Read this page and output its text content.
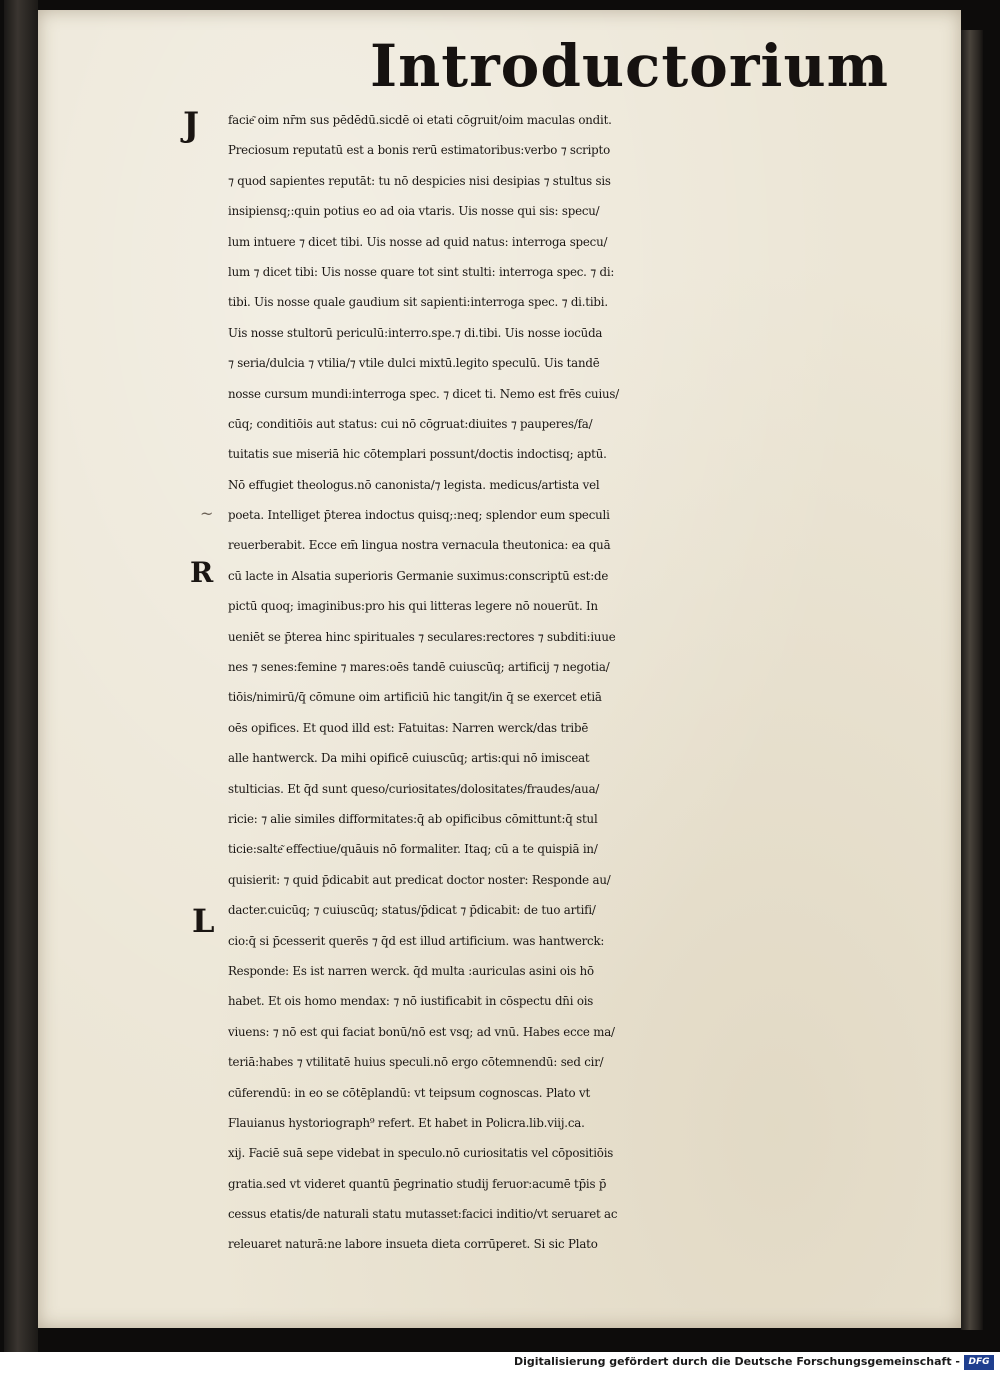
Introductorium
J
~
R
L
facie͂ oim nr̄m sus pēdēdū.sicdē oi etati cōgruit/oim maculas ondit.
Preciosum reputatū est a bonis rerū estimatoribus:verbo ⁊ scripto
⁊ quod sapientes reputāt: tu nō despicies nisi desipias ⁊ stultus sis
insipiensq;:quin potius eo ad oia vtaris. Uis nosse qui sis: specu/
lum intuere ⁊ dicet tibi. Uis nosse ad quid natus: interroga specu/
lum ⁊ dicet tibi: Uis nosse quare tot sint stulti: interroga spec. ⁊ di:
tibi. Uis nosse quale gaudium sit sapienti:interroga spec. ⁊ di.tibi.
Uis nosse stultorū periculū:interro.spe.⁊ di.tibi. Uis nosse iocūda
⁊ seria/dulcia ⁊ vtilia/⁊ vtile dulci mixtū.legito speculū. Uis tandē
nosse cursum mundi:interroga spec. ⁊ dicet ti. Nemo est frēs cuius/
cūq; conditiōis aut status: cui nō cōgruat:diuites ⁊ pauperes/fa/
tuitatis sue miseriā hic cōtemplari possunt/doctis indoctisq; aptū.
Nō effugiet theologus.nō canonista/⁊ legista. medicus/artista vel
poeta. Intelliget p̄terea indoctus quisq;:neq; splendor eum speculi
reuerberabit. Ecce em̄ lingua nostra vernacula theutonica: ea quā
cū lacte in Alsatia superioris Germanie suximus:conscriptū est:de
pictū quoq; imaginibus:pro his qui litteras legere nō nouerūt. In
ueniēt se p̄terea hinc spirituales ⁊ seculares:rectores ⁊ subditi:iuue
nes ⁊ senes:femine ⁊ mares:oēs tandē cuiuscūq; artificij ⁊ negotia/
tiōis/nimirū/q̄ cōmune oim artificiū hic tangit/in q̄ se exercet etiā
oēs opifices. Et quod illd est: Fatuitas: Narren werck/das tribē
alle hantwerck. Da mihi opificē cuiuscūq; artis:qui nō imisceat
stulticias. Et q̄d sunt queso/curiositates/dolositates/fraudes/aua/
ricie: ⁊ alie similes difformitates:q̄ ab opificibus cōmittunt:q̄ stul
ticie:salte͂ effectiue/quāuis nō formaliter. Itaq; cū a te quispiā in/
quisierit: ⁊ quid p̄dicabit aut predicat doctor noster: Responde au/
dacter.cuicūq; ⁊ cuiuscūq; status/p̄dicat ⁊ p̄dicabit: de tuo artifi/
cio:q̄ si p̄cesserit querēs ⁊ q̄d est illud artificium. was hantwerck:
Responde: Es ist narren werck. q̄d multa :auriculas asini ois hō
habet. Et ois homo mendax: ⁊ nō iustificabit in cōspectu dn̄i ois
viuens: ⁊ nō est qui faciat bonū/nō est vsq; ad vnū. Habes ecce ma/
teriā:habes ⁊ vtilitatē huius speculi.nō ergo cōtemnendū: sed cir/
cūferendū: in eo se cōtēplandū: vt teipsum cognoscas. Plato vt
Flauianus hystoriograph⁹ refert. Et habet in Policra.lib.viij.ca.
xij. Faciē suā sepe videbat in speculo.nō curiositatis vel cōpositiōis
gratia.sed vt videret quantū p̄egrinatio studij feruor:acumē tp̄is p̄
cessus etatis/de naturali statu mutasset:facici inditio/vt seruaret ac
releuaret naturā:ne labore insueta dieta corrūperet. Si sic Plato
Digitalisierung gefördert durch die Deutsche Forschungsgemeinschaft - DFG
